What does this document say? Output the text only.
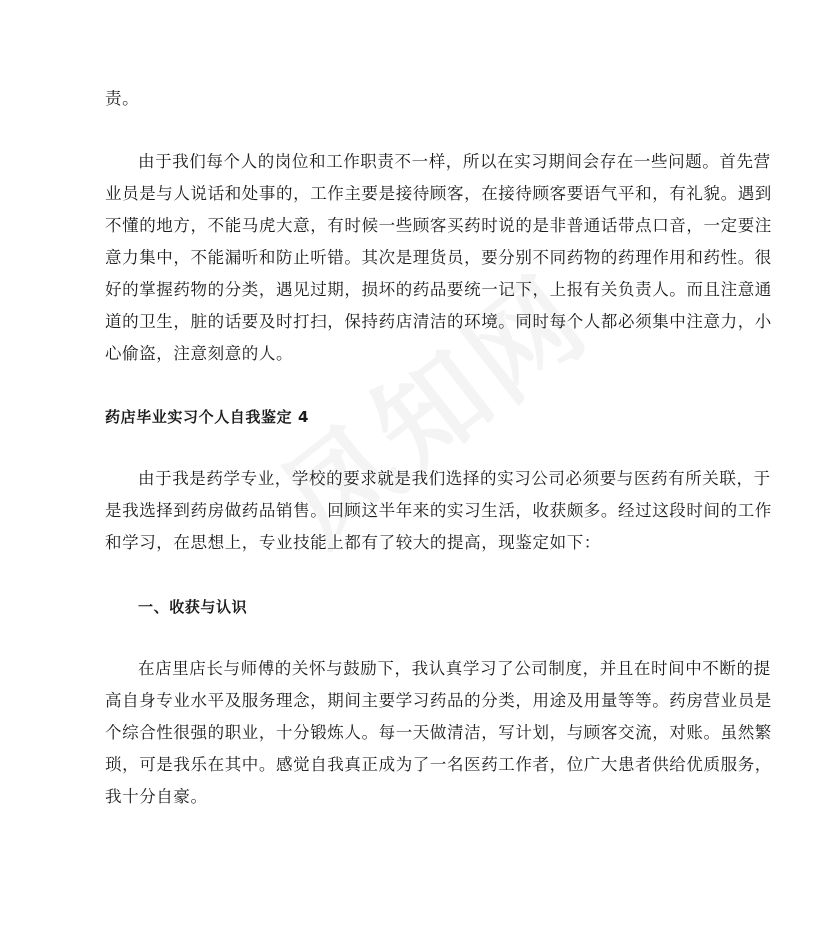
责。
由于我们每个人的岗位和工作职责不一样，所以在实习期间会存在一些问题。首先营
业员是与人说话和处事的，工作主要是接待顾客，在接待顾客要语气平和，有礼貌。遇到
不懂的地方，不能马虎大意，有时候一些顾客买药时说的是非普通话带点口音，一定要注
意力集中，不能漏听和防止听错。其次是理货员，要分别不同药物的药理作用和药性。很
好的掌握药物的分类，遇见过期，损坏的药品要统一记下，上报有关负责人。而且注意通
道的卫生，脏的话要及时打扫，保持药店清洁的环境。同时每个人都必须集中注意力，小
心偷盗，注意刻意的人。
药店毕业实习个人自我鉴定 4
由于我是药学专业，学校的要求就是我们选择的实习公司必须要与医药有所关联，于
是我选择到药房做药品销售。回顾这半年来的实习生活，收获颇多。经过这段时间的工作
和学习，在思想上，专业技能上都有了较大的提高，现鉴定如下：
一、收获与认识
在店里店长与师傅的关怀与鼓励下，我认真学习了公司制度，并且在时间中不断的提
高自身专业水平及服务理念，期间主要学习药品的分类，用途及用量等等。药房营业员是
个综合性很强的职业，十分锻炼人。每一天做清洁，写计划，与顾客交流，对账。虽然繁
琐，可是我乐在其中。感觉自我真正成为了一名医药工作者，位广大患者供给优质服务，
我十分自豪。
